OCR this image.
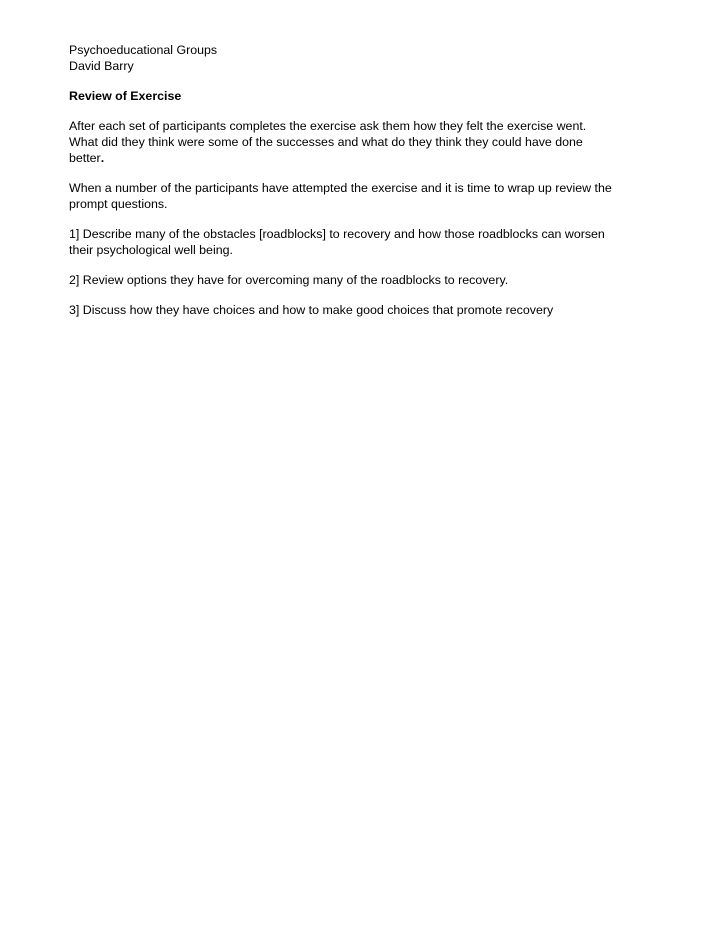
Psychoeducational Groups
David Barry
Review of Exercise
After each set of participants completes the exercise ask them how they felt the exercise went.
What did they think were some of the successes and what do they think they could have done
better.
When a number of the participants have attempted the exercise and it is time to wrap up review the
prompt questions.
1] Describe many of the obstacles [roadblocks] to recovery and how those roadblocks can worsen
their psychological well being.
2] Review options they have for overcoming many of the roadblocks to recovery.
3] Discuss how they have choices and how to make good choices that promote recovery
